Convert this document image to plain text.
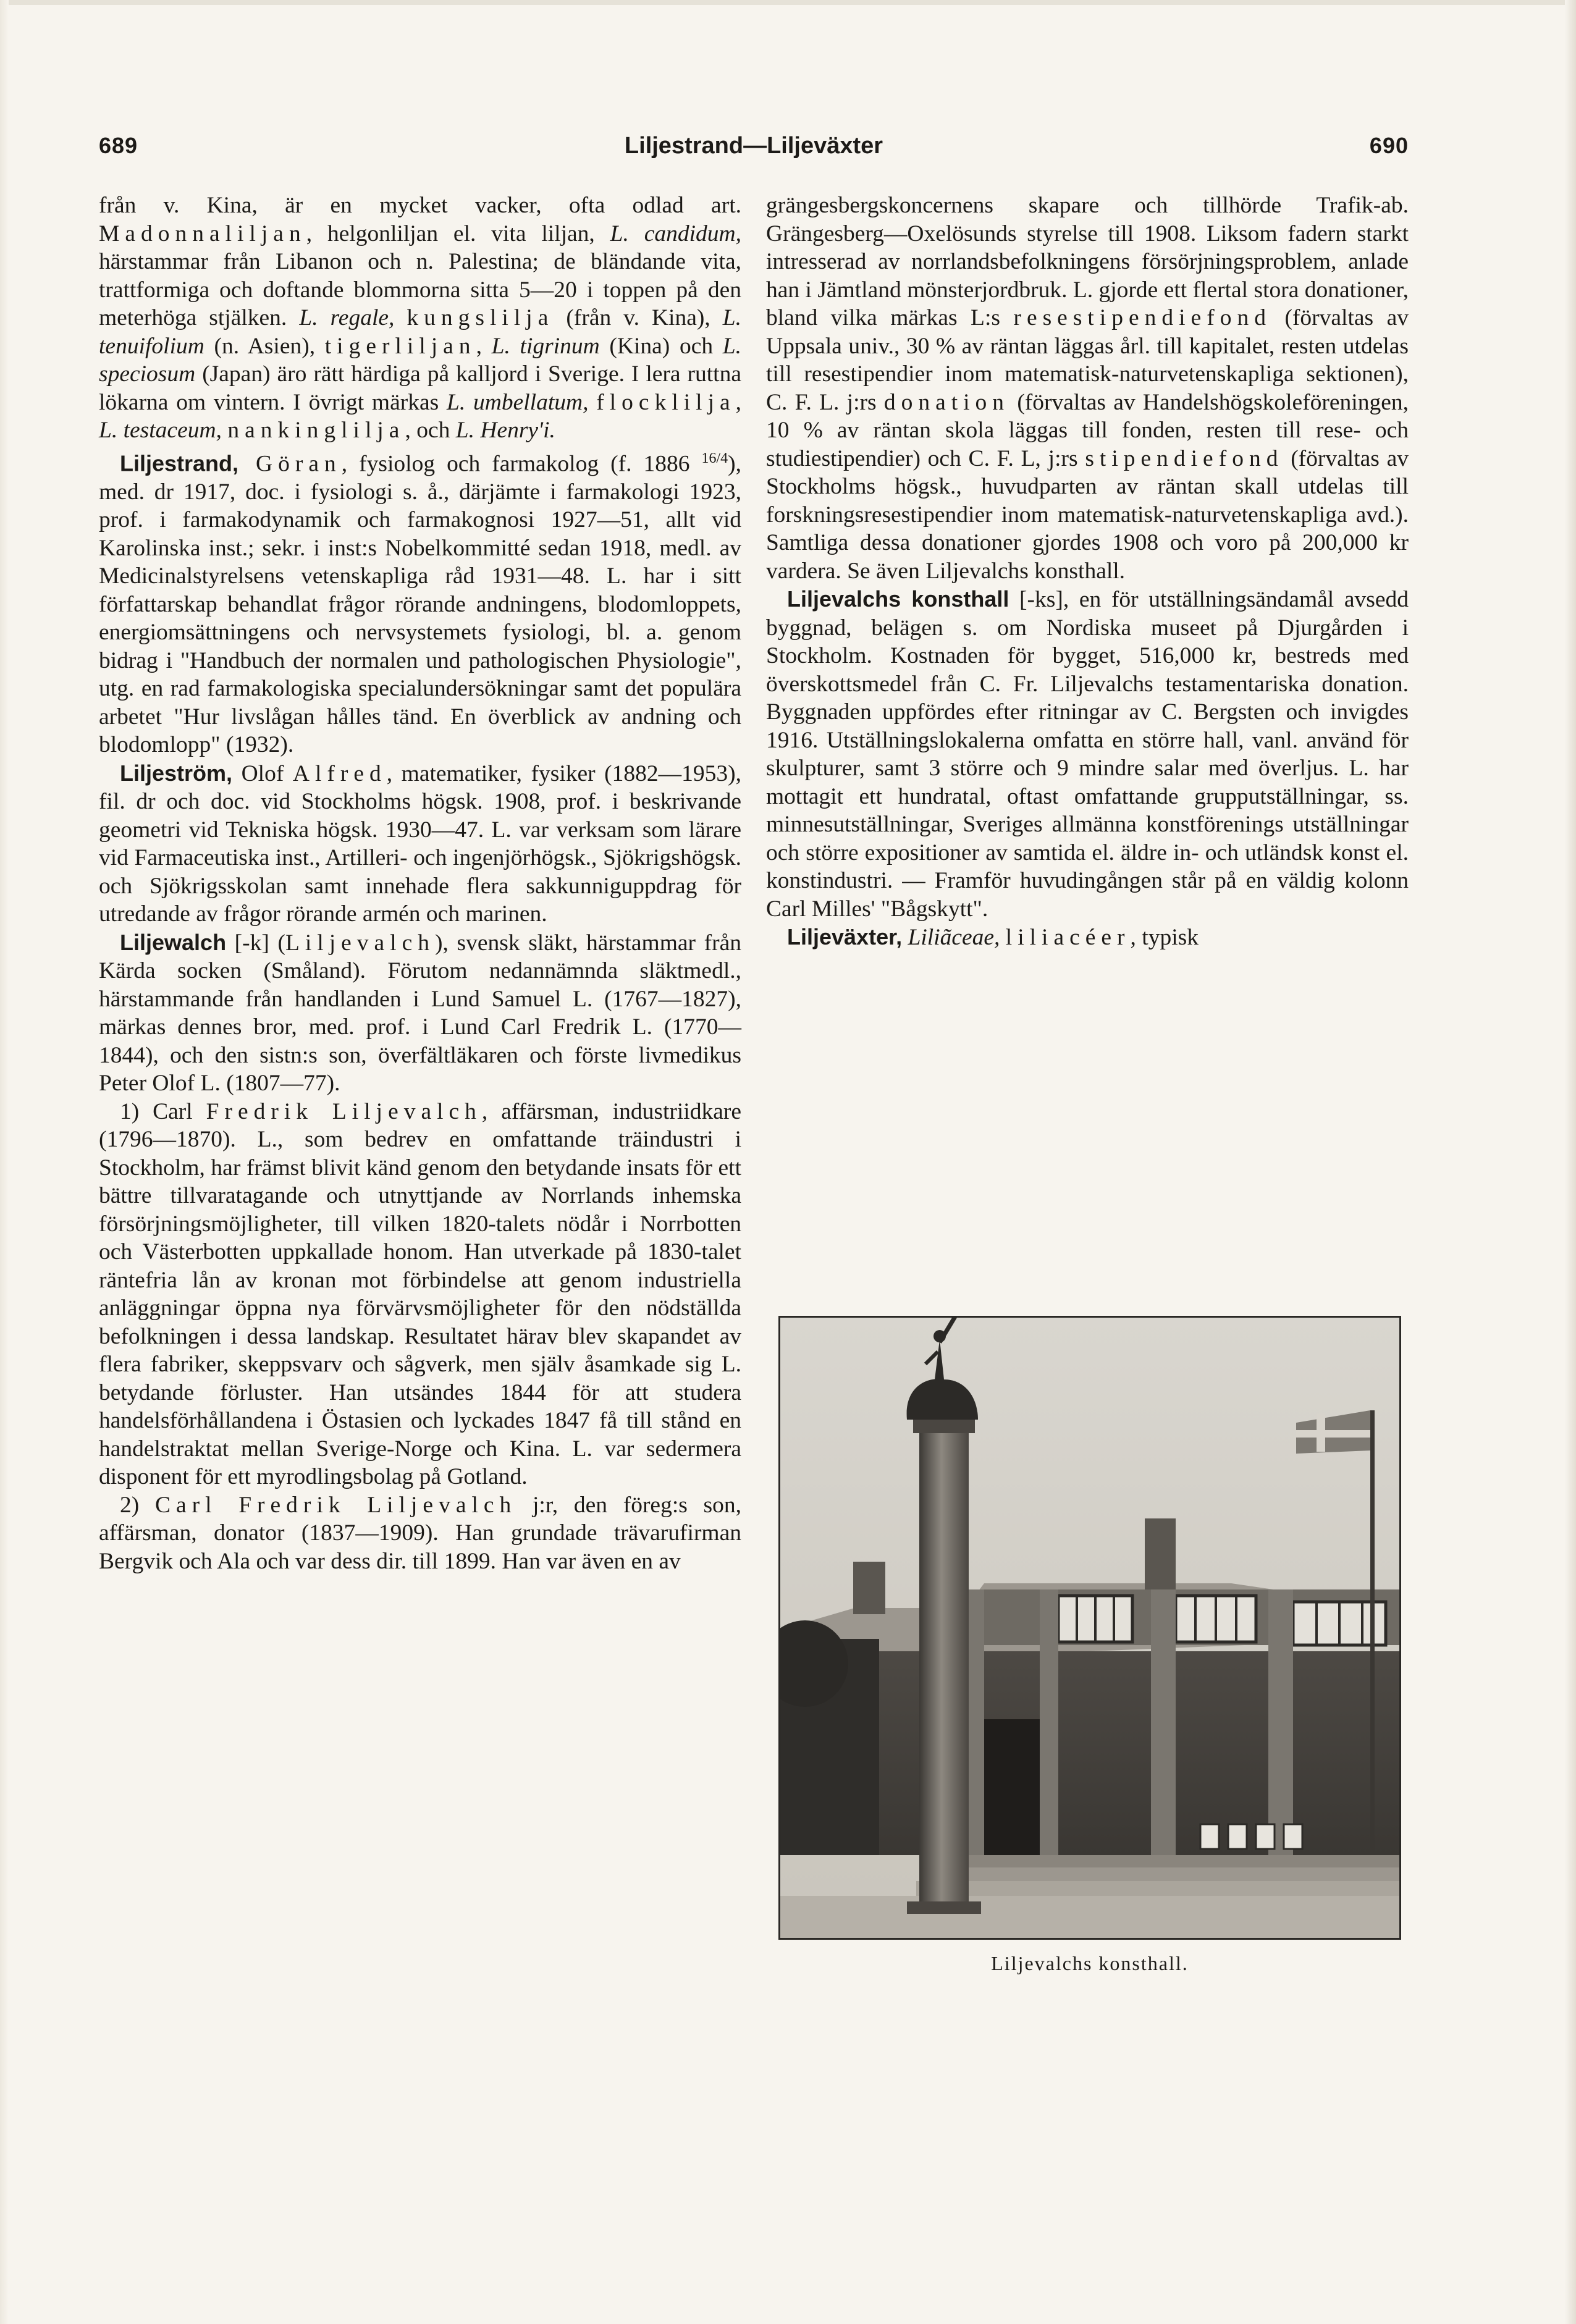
689	Liljestrand—Liljeväxter	690

från v. Kina, är en mycket vacker, ofta odlad art. Madonnaliljan, helgonliljan el. vita liljan, L. candidum, härstammar från Libanon och n. Palestina; de bländande vita, trattformiga och doftande blommorna sitta 5—20 i toppen på den meterhöga stjälken. L. regale, kungslilja (från v. Kina), L. tenuifolium (n. Asien), tigerliljan, L. tigrinum (Kina) och L. speciosum (Japan) äro rätt härdiga på kalljord i Sverige. I lera ruttna lökarna om vintern. I övrigt märkas L. umbellatum, flocklilja, L. testaceum, nankinglilja, och L. Henry'i.

Liljestrand, Göran, fysiolog och farmakolog (f. 1886 $^{16/4}$), med. dr 1917, doc. i fysiologi s. å., därjämte i farmakologi 1923, prof. i farmakodynamik och farmakognosi 1927—51, allt vid Karolinska inst.; sekr. i inst:s Nobelkommitté sedan 1918, medl. av Medicinalstyrelsens vetenskapliga råd 1931—48. L. har i sitt författarskap behandlat frågor rörande andningens, blodomloppets, energiomsättningens och nervsystemets fysiologi, bl. a. genom bidrag i "Handbuch der normalen und pathologischen Physiologie", utg. en rad farmakologiska specialundersökningar samt det populära arbetet "Hur livslågan hålles tänd. En överblick av andning och blodomlopp" (1932).

Liljeström, Olof Alfred, matematiker, fysiker (1882—1953), fil. dr och doc. vid Stockholms högsk. 1908, prof. i beskrivande geometri vid Tekniska högsk. 1930—47. L. var verksam som lärare vid Farmaceutiska inst., Artilleri- och ingenjörhögsk., Sjökrigshögsk. och Sjökrigsskolan samt innehade flera sakkunniguppdrag för utredande av frågor rörande armén och marinen.

Liljewalch [-k] (Liljevalch), svensk släkt, härstammar från Kärda socken (Småland). Förutom nedannämnda släktmedl., härstammande från handlanden i Lund Samuel L. (1767—1827), märkas dennes bror, med. prof. i Lund Carl Fredrik L. (1770—1844), och den sistn:s son, överfältläkaren och förste livmedikus Peter Olof L. (1807—77).

1) Carl Fredrik Liljevalch, affärsman, industriidkare (1796—1870). L., som bedrev en omfattande träindustri i Stockholm, har främst blivit känd genom den betydande insats för ett bättre tillvaratagande och utnyttjande av Norrlands inhemska försörjningsmöjligheter, till vilken 1820-talets nödår i Norrbotten och Västerbotten uppkallade honom. Han utverkade på 1830-talet räntefria lån av kronan mot förbindelse att genom industriella anläggningar öppna nya förvärvsmöjligheter för den nödställda befolkningen i dessa landskap. Resultatet härav blev skapandet av flera fabriker, skeppsvarv och sågverk, men själv åsamkade sig L. betydande förluster. Han utsändes 1844 för att studera handelsförhållandena i Östasien och lyckades 1847 få till stånd en handelstraktat mellan Sverige-Norge och Kina. L. var sedermera disponent för ett myrodlingsbolag på Gotland.

2) Carl Fredrik Liljevalch j:r, den föreg:s son, affärsman, donator (1837—1909). Han grundade trävarufirman Bergvik och Ala och var dess dir. till 1899. Han var även en av

grängesbergskoncernens skapare och tillhörde Trafik-ab. Grängesberg—Oxelösunds styrelse till 1908. Liksom fadern starkt intresserad av norrlandsbefolkningens försörjningsproblem, anlade han i Jämtland mönsterjordbruk. L. gjorde ett flertal stora donationer, bland vilka märkas L:s resestipendiefond (förvaltas av Uppsala univ., 30 % av räntan läggas årl. till kapitalet, resten utdelas till resestipendier inom matematisk-naturvetenskapliga sektionen), C. F. L. j:rs donation (förvaltas av Handelshögskoleföreningen, 10 % av räntan skola läggas till fonden, resten till rese- och studiestipendier) och C. F. L, j:rs stipendiefond (förvaltas av Stockholms högsk., huvudparten av räntan skall utdelas till forskningsresestipendier inom matematisk-naturvetenskapliga avd.). Samtliga dessa donationer gjordes 1908 och voro på 200,000 kr vardera. Se även Liljevalchs konsthall.

Liljevalchs konsthall [-ks], en för utställningsändamål avsedd byggnad, belägen s. om Nordiska museet på Djurgården i Stockholm. Kostnaden för bygget, 516,000 kr, bestreds med överskottsmedel från C. Fr. Liljevalchs testamentariska donation. Byggnaden uppfördes efter ritningar av C. Bergsten och invigdes 1916. Utställningslokalerna omfatta en större hall, vanl. använd för skulpturer, samt 3 större och 9 mindre salar med överljus. L. har mottagit ett hundratal, oftast omfattande grupputställningar, ss. minnesutställningar, Sveriges allmänna konstförenings utställningar och större expositioner av samtida el. äldre in- och utländsk konst el. konstindustri. — Framför huvudingången står på en väldig kolonn Carl Milles' "Bågskytt".

Liljeväxter, Liliãceae, liliacéer, typisk

Liljevalchs konsthall.
